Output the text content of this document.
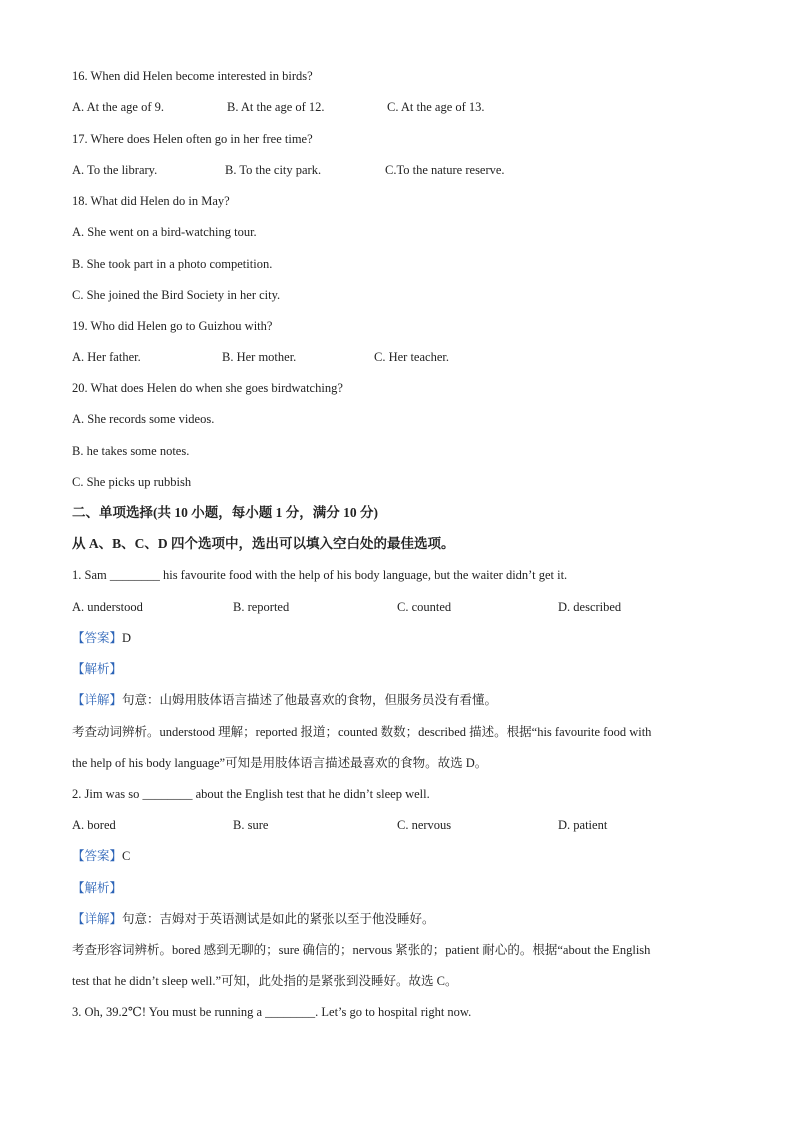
16. When did Helen become interested in birds?
A. At the age of 9.	B. At the age of 12.	C. At the age of 13.
17. Where does Helen often go in her free time?
A. To the library.	B. To the city park.	C.To the nature reserve.
18. What did Helen do in May?
A. She went on a bird-watching tour.
B. She took part in a photo competition.
C. She joined the Bird Society in her city.
19. Who did Helen go to Guizhou with?
A. Her father.	B. Her mother.	C. Her teacher.
20. What does Helen do when she goes birdwatching?
A. She records some videos.
B. he takes some notes.
C. She picks up rubbish
二、单项选择(共 10 小题，每小题 1 分，满分 10 分)
从 A、B、C、D 四个选项中，选出可以填入空白处的最佳选项。
1. Sam ________ his favourite food with the help of his body language, but the waiter didn’t get it.
A. understood	B. reported	C. counted	D. described
【答案】D
【解析】
【详解】句意：山姆用肢体语言描述了他最喜欢的食物，但服务员没有看懂。
考查动词辨析。understood 理解；reported 报道；counted 数数；described 描述。根据“his favourite food with
the help of his body language”可知是用肢体语言描述最喜欢的食物。故选 D。
2. Jim was so ________ about the English test that he didn’t sleep well.
A. bored	B. sure	C. nervous	D. patient
【答案】C
【解析】
【详解】句意：吉姆对于英语测试是如此的紧张以至于他没睡好。
考查形容词辨析。bored 感到无聊的；sure 确信的；nervous 紧张的；patient 耐心的。根据“about the English
test that he didn’t sleep well.”可知，此处指的是紧张到没睡好。故选 C。
3. Oh, 39.2℃! You must be running a ________. Let’s go to hospital right now.
